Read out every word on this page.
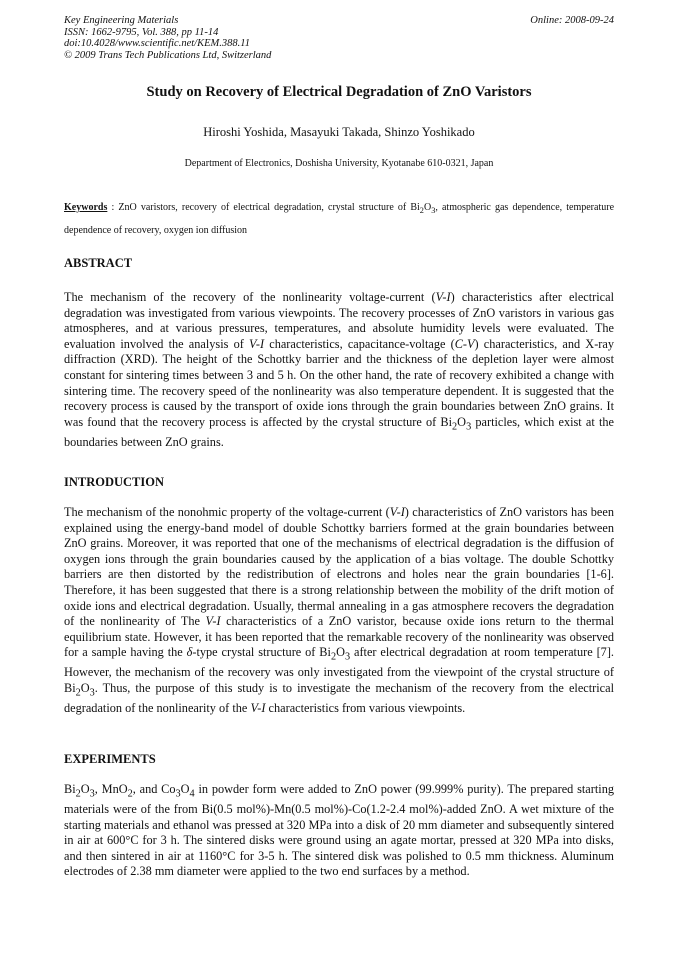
Key Engineering Materials
ISSN: 1662-9795, Vol. 388, pp 11-14
doi:10.4028/www.scientific.net/KEM.388.11
© 2009 Trans Tech Publications Ltd, Switzerland
Online: 2008-09-24
Study on Recovery of Electrical Degradation of ZnO Varistors
Hiroshi Yoshida, Masayuki Takada, Shinzo Yoshikado
Department of Electronics, Doshisha University, Kyotanabe 610-0321, Japan
Keywords : ZnO varistors, recovery of electrical degradation, crystal structure of $Bi_2O_3$, atmospheric gas dependence, temperature dependence of recovery, oxygen ion diffusion
ABSTRACT
The mechanism of the recovery of the nonlinearity voltage-current (V-I) characteristics after electrical degradation was investigated from various viewpoints. The recovery processes of ZnO varistors in various gas atmospheres, and at various pressures, temperatures, and absolute humidity levels were evaluated. The evaluation involved the analysis of V-I characteristics, capacitance-voltage (C-V) characteristics, and X-ray diffraction (XRD). The height of the Schottky barrier and the thickness of the depletion layer were almost constant for sintering times between 3 and 5 h. On the other hand, the rate of recovery exhibited a change with sintering time. The recovery speed of the nonlinearity was also temperature dependent. It is suggested that the recovery process is caused by the transport of oxide ions through the grain boundaries between ZnO grains. It was found that the recovery process is affected by the crystal structure of $Bi_2O_3$ particles, which exist at the boundaries between ZnO grains.
INTRODUCTION
The mechanism of the nonohmic property of the voltage-current (V-I) characteristics of ZnO varistors has been explained using the energy-band model of double Schottky barriers formed at the grain boundaries between ZnO grains. Moreover, it was reported that one of the mechanisms of electrical degradation is the diffusion of oxygen ions through the grain boundaries caused by the application of a bias voltage. The double Schottky barriers are then distorted by the redistribution of electrons and holes near the grain boundaries [1-6]. Therefore, it has been suggested that there is a strong relationship between the mobility of the drift motion of oxide ions and electrical degradation. Usually, thermal annealing in a gas atmosphere recovers the degradation of the nonlinearity of The V-I characteristics of a ZnO varistor, because oxide ions return to the thermal equilibrium state. However, it has been reported that the remarkable recovery of the nonlinearity was observed for a sample having the δ-type crystal structure of $Bi_2O_3$ after electrical degradation at room temperature [7]. However, the mechanism of the recovery was only investigated from the viewpoint of the crystal structure of $Bi_2O_3$. Thus, the purpose of this study is to investigate the mechanism of the recovery from the electrical degradation of the nonlinearity of the V-I characteristics from various viewpoints.
EXPERIMENTS
$Bi_2O_3$, MnO$_2$, and $Co_3O_4$ in powder form were added to ZnO power (99.999% purity). The prepared starting materials were of the from Bi(0.5 mol%)-Mn(0.5 mol%)-Co(1.2-2.4 mol%)-added ZnO. A wet mixture of the starting materials and ethanol was pressed at 320 MPa into a disk of 20 mm diameter and subsequently sintered in air at 600°C for 3 h. The sintered disks were ground using an agate mortar, pressed at 320 MPa into disks, and then sintered in air at 1160°C for 3-5 h. The sintered disk was polished to 0.5 mm thickness. Aluminum electrodes of 2.38 mm diameter were applied to the two end surfaces by a method.
